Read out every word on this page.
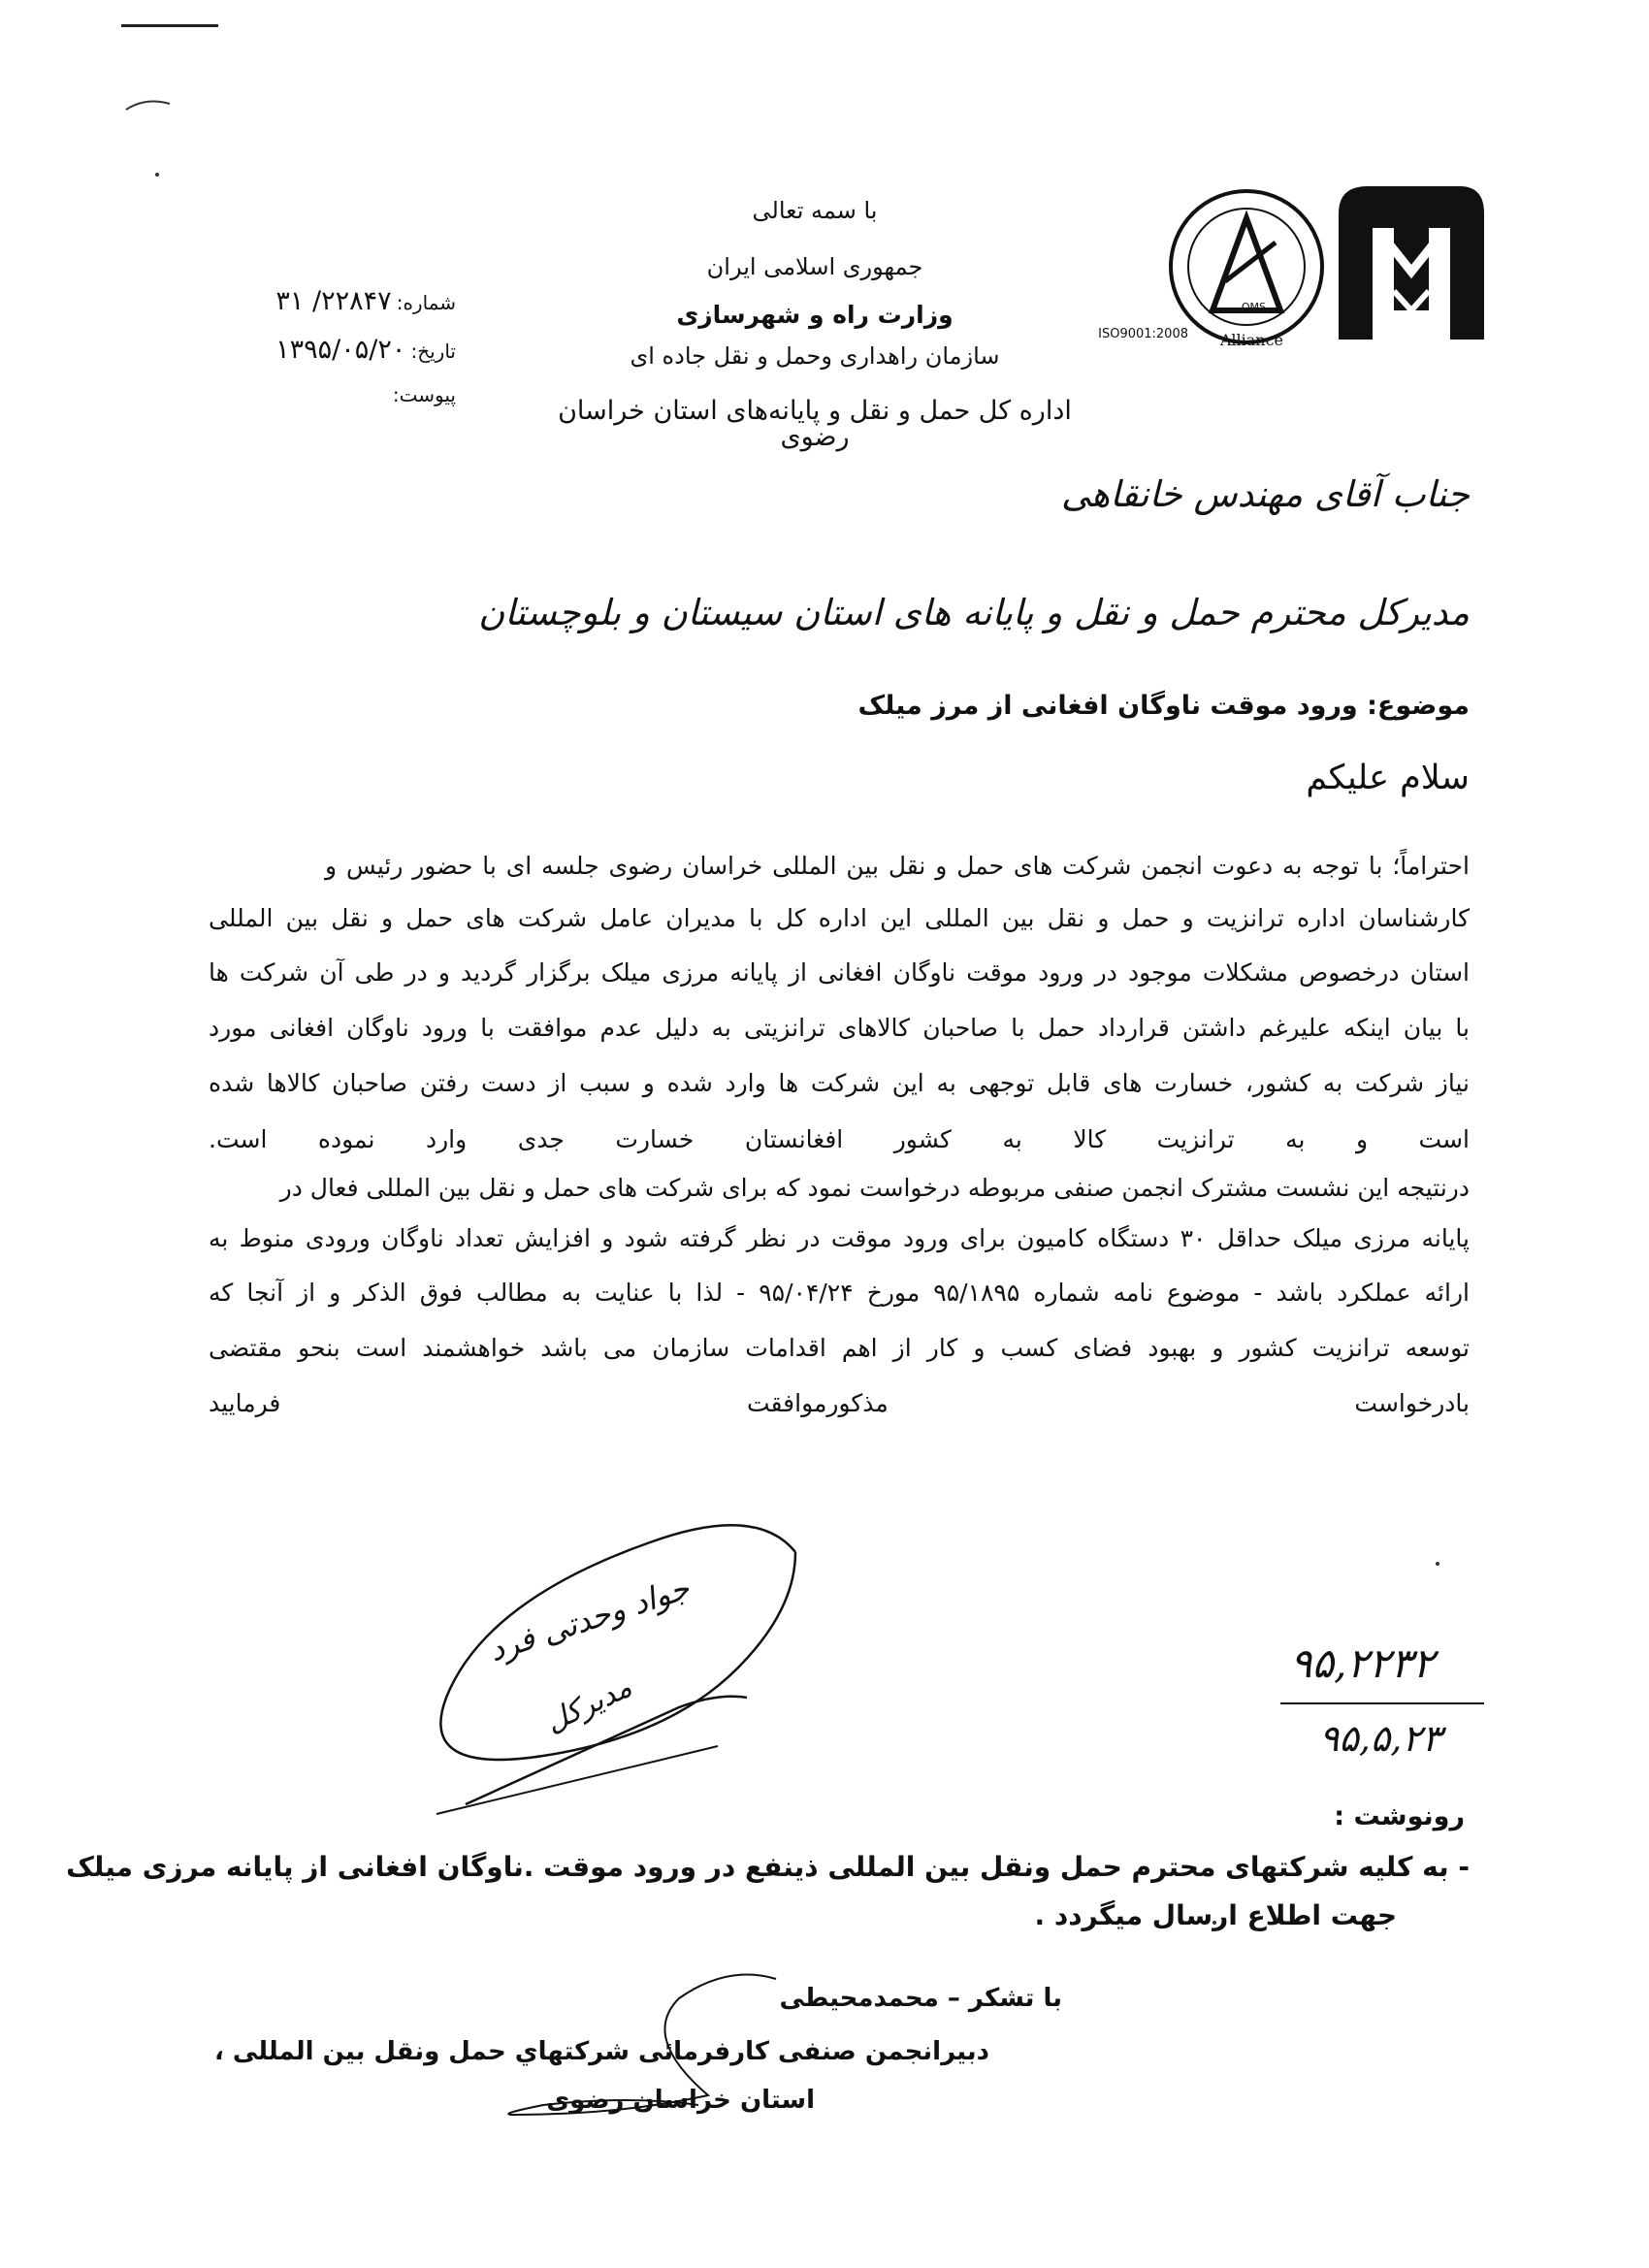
QMS
ISO9001:2008 Alliance
با سمه تعالی
جمهوری اسلامی ایران
وزارت راه و شهرسازی
سازمان راهداری وحمل و نقل جاده ای
اداره کل حمل و نقل و پایانه‌های استان خراسان رضوی
شماره: ۳۱ /۲۲۸۴۷
تاریخ: ۱۳۹۵/۰۵/۲۰
پیوست:
جناب آقای مهندس خانقاهی
مدیرکل محترم حمل و نقل و پایانه های استان سیستان و بلوچستان
موضوع: ورود موقت ناوگان افغانی از مرز میلک
سلام علیکم
احتراماً؛ با توجه به دعوت انجمن شرکت های حمل و نقل بین المللی خراسان رضوی جلسه ای با حضور رئیس و
کارشناسان اداره ترانزیت و حمل و نقل بین المللی این اداره کل با مدیران عامل شرکت های حمل و نقل بین المللی
استان درخصوص مشکلات موجود در ورود موقت ناوگان افغانی از پایانه مرزی میلک برگزار گردید و در طی آن شرکت ها
با بیان اینکه علیرغم داشتن قرارداد حمل با صاحبان کالاهای ترانزیتی به دلیل عدم موافقت با ورود ناوگان افغانی مورد
نیاز شرکت به کشور، خسارت های قابل توجهی به این شرکت ها وارد شده و سبب از دست رفتن صاحبان کالاها شده
است و به ترانزیت کالا به کشور افغانستان خسارت جدی وارد نموده است.
درنتیجه این نشست مشترک انجمن صنفی مربوطه درخواست نمود که برای شرکت های حمل و نقل بین المللی فعال در
پایانه مرزی میلک حداقل ۳۰ دستگاه کامیون برای ورود موقت در نظر گرفته شود و افزایش تعداد ناوگان ورودی منوط به
ارائه عملکرد باشد - موضوع نامه شماره ۹۵/۱۸۹۵ مورخ ۹۵/۰۴/۲۴ - لذا با عنایت به مطالب فوق الذکر و از آنجا که
توسعه ترانزیت کشور و بهبود فضای کسب و کار از اهم اقدامات سازمان می باشد خواهشمند است بنحو مقتضی
بادرخواست مذکورموافقت فرمایید
جواد وحدتی فرد
مدیرکل
۹۵,۲۲۳۲
۹۵,۵,۲۳
رونوشت :
- به کلیه شرکتهای محترم حمل ونقل بین المللی ذینفع در ورود موقت .ناوگان افغانی از پایانه مرزی میلک
جهت اطلاع ارسال میگردد .
با تشکر – محمدمحیطی
دبیرانجمن صنفی کارفرمائی شرکتهاي حمل ونقل بین المللی ،
استان خراسان رضوی
